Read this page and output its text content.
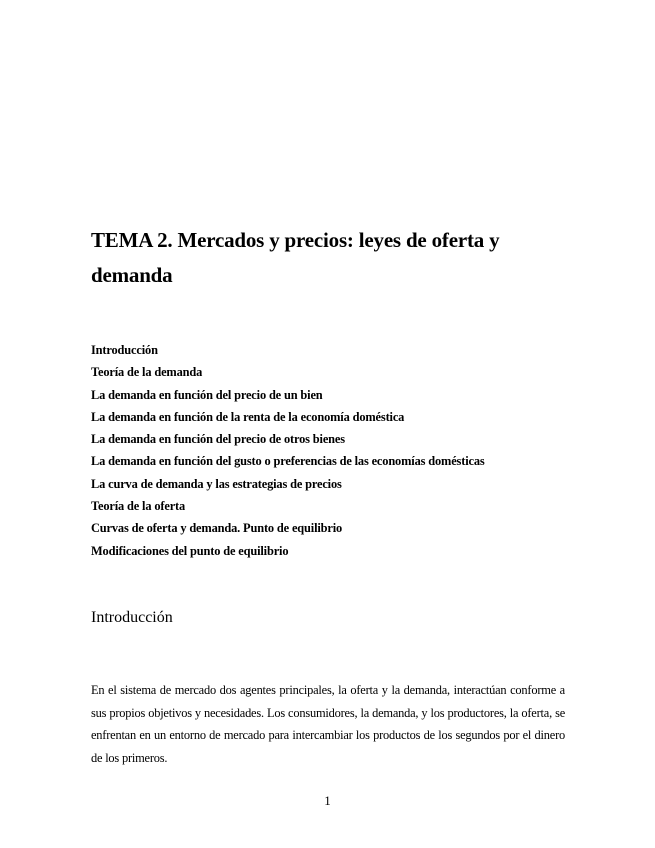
TEMA 2. Mercados y precios: leyes de oferta y demanda
Introducción
Teoría de la demanda
La demanda en función del precio de un bien
La demanda en función de la renta de la economía doméstica
La demanda en función del precio de otros bienes
La demanda en función del gusto o preferencias de las economías domésticas
La curva de demanda y las estrategias de precios
Teoría de la oferta
Curvas de oferta y demanda. Punto de equilibrio
Modificaciones del punto de equilibrio
Introducción

En el sistema de mercado dos agentes principales, la oferta y la demanda, interactúan conforme a sus propios objetivos y necesidades. Los consumidores, la demanda, y los productores, la oferta, se enfrentan en un entorno de mercado para intercambiar los productos de los segundos por el dinero de los primeros.

1
